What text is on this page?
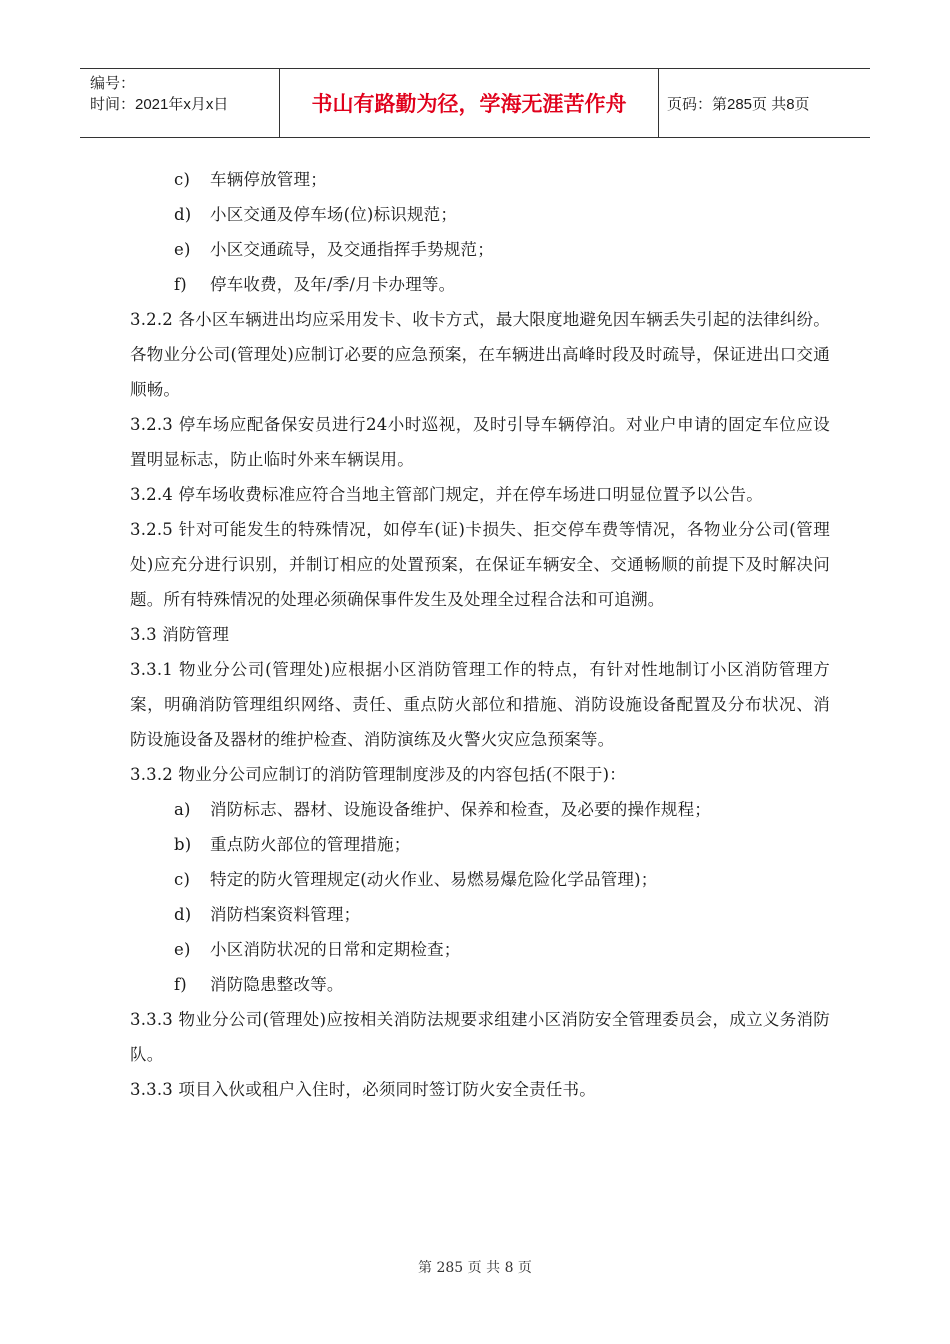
编号：
时间：2021年x月x日	书山有路勤为径，学海无涯苦作舟	页码：第285页 共8页
c) 车辆停放管理；
d) 小区交通及停车场(位)标识规范；
e) 小区交通疏导，及交通指挥手势规范；
f) 停车收费，及年/季/月卡办理等。
3.2.2 各小区车辆进出均应采用发卡、收卡方式，最大限度地避免因车辆丢失引起的法律纠纷。各物业分公司(管理处)应制订必要的应急预案，在车辆进出高峰时段及时疏导，保证进出口交通顺畅。
3.2.3 停车场应配备保安员进行24小时巡视，及时引导车辆停泊。对业户申请的固定车位应设置明显标志，防止临时外来车辆误用。
3.2.4 停车场收费标准应符合当地主管部门规定，并在停车场进口明显位置予以公告。
3.2.5 针对可能发生的特殊情况，如停车(证)卡损失、拒交停车费等情况，各物业分公司(管理处)应充分进行识别，并制订相应的处置预案，在保证车辆安全、交通畅顺的前提下及时解决问题。所有特殊情况的处理必须确保事件发生及处理全过程合法和可追溯。
3.3 消防管理
3.3.1 物业分公司(管理处)应根据小区消防管理工作的特点，有针对性地制订小区消防管理方案，明确消防管理组织网络、责任、重点防火部位和措施、消防设施设备配置及分布状况、消防设施设备及器材的维护检查、消防演练及火警火灾应急预案等。
3.3.2 物业分公司应制订的消防管理制度涉及的内容包括(不限于)：
a) 消防标志、器材、设施设备维护、保养和检查，及必要的操作规程；
b) 重点防火部位的管理措施；
c) 特定的防火管理规定(动火作业、易燃易爆危险化学品管理)；
d) 消防档案资料管理；
e) 小区消防状况的日常和定期检查；
f) 消防隐患整改等。
3.3.3 物业分公司(管理处)应按相关消防法规要求组建小区消防安全管理委员会，成立义务消防队。
3.3.3 项目入伙或租户入住时，必须同时签订防火安全责任书。
第 285 页 共 8 页
